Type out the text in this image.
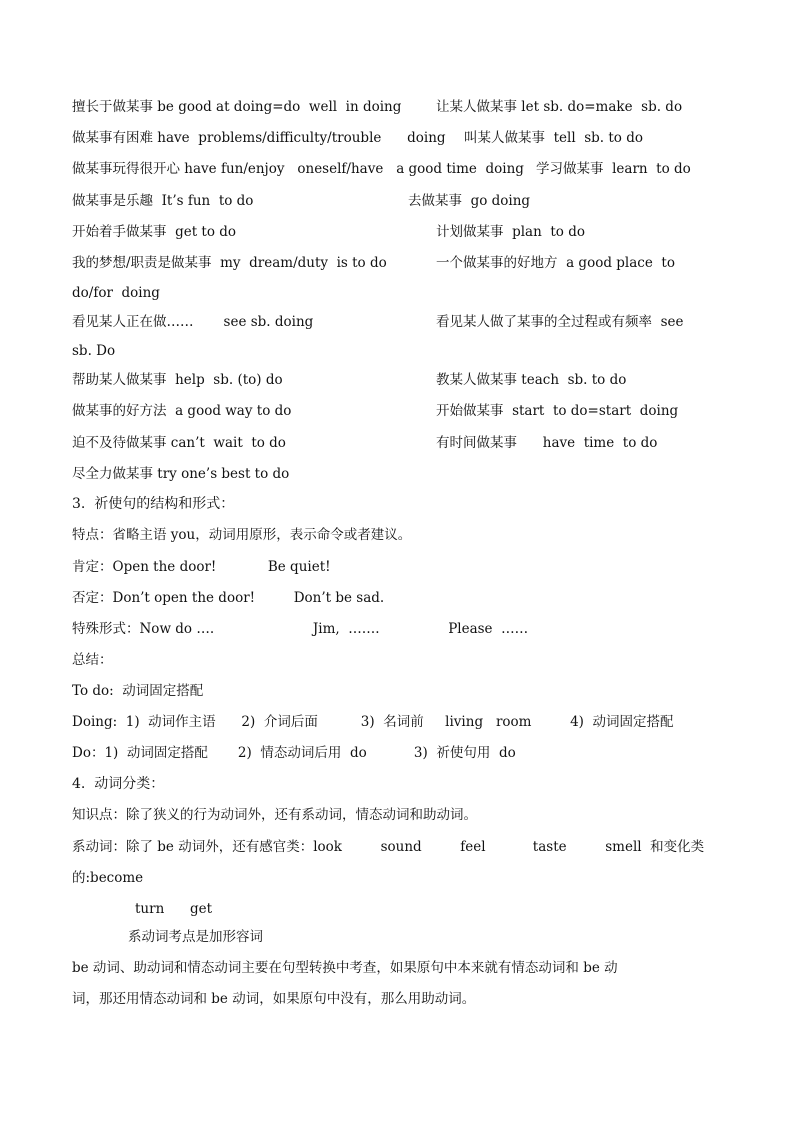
擅长于做某事 be good at doing=do  well  in doing	让某人做某事 let sb. do=make  sb. do
做某事有困难 have  problems/difficulty/trouble      doing 叫某人做某事  tell  sb. to do
做某事玩得很开心 have fun/enjoy   oneself/have   a good time  doing 学习做某事  learn  to do
做某事是乐趣  It’s fun  to do	去做某事  go doing
开始着手做某事  get to do	计划做某事  plan  to do
我的梦想/职责是做某事  my  dream/duty  is to do	一个做某事的好地方  a good place  to
do/for  doing
看见某人正在做……       see sb. doing	看见某人做了某事的全过程或有频率  see
sb. Do
帮助某人做某事  help  sb. (to) do	教某人做某事 teach  sb. to do
做某事的好方法  a good way to do	开始做某事  start  to do=start  doing
迫不及待做某事 can’t  wait  to do	有时间做某事      have  time  to do
尽全力做某事 try one’s best to do
3.  祈使句的结构和形式：
特点：省略主语 you，动词用原形，表示命令或者建议。
肯定：Open the door!            Be quiet!
否定：Don’t open the door!         Don’t be sad.
特殊形式：Now do ….                       Jim,  …….                Please  ……
总结：
To do:  动词固定搭配
Doing:  1)  动词作主语      2)  介词后面          3)  名词前     living   room         4)  动词固定搭配
Do：1)  动词固定搭配       2)  情态动词后用  do           3)  祈使句用  do
4.  动词分类：
知识点：除了狭义的行为动词外，还有系动词，情态动词和助动词。
系动词：除了 be 动词外，还有感官类：look         sound         feel           taste         smell  和变化类
的:become
turn      get
系动词考点是加形容词
be 动词、助动词和情态动词主要在句型转换中考查，如果原句中本来就有情态动词和 be 动
词，那还用情态动词和 be 动词，如果原句中没有，那么用助动词。
